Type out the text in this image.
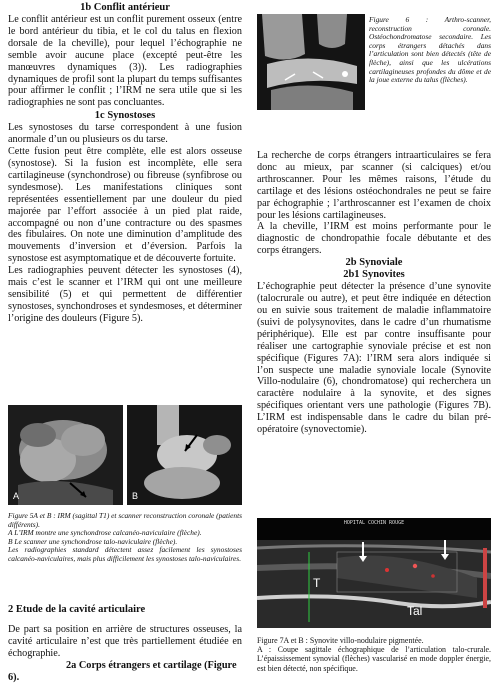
1b Conflit antérieur

Le conflit antérieur est un conflit purement osseux (entre le bord antérieur du tibia, et le col du talus en flexion dorsale de la cheville), pour lequel l’échographie ne semble avoir aucune place (excepté peut-être les manœuvres dynamiques (3)). Les radiographies dynamiques de profil sont la plupart du temps suffisantes pour affirmer le conflit ; l’IRM ne sera utile que si les radiographies ne sont pas concluantes.

1c Synostoses

Les synostoses du tarse correspondent à une fusion anormale d’un ou plusieurs os du tarse.

Cette fusion peut être complète, elle est alors osseuse (synostose). Si la fusion est incomplète, elle sera cartilagineuse (synchondrose) ou fibreuse (synfibrose ou syndesmose). Les manifestations cliniques sont représentées essentiellement par une douleur du pied majorée par l’effort associée à un pied plat raide, accompagné ou non d’une contracture ou des spasmes des fibulaires. On note une diminution d’amplitude des mouvements d’inversion et d’éversion. Parfois la synostose est asymptomatique et de découverte fortuite.

Les radiographies peuvent détecter les synostoses (4), mais c’est le scanner et l’IRM qui ont une meilleure sensibilité (5) et qui permettent de différentier synostoses, synchondroses et syndesmoses, et déterminer l’origine des douleurs (Figure 5).

A	B

Figure 5A et B : IRM (sagittal T1) et scanner reconstruction coronale (patients différents).

A L’IRM montre une synchondrose calcanéo-naviculaire (flèche).

B Le scanner une synchondrose talo-naviculaire (flèche).

Les radiographies standard détectent assez facilement les synostoses calcanéo-naviculaires, mais plus difficilement les synostoses talo-naviculaires.

2 Etude de la cavité articulaire

De part sa position en arrière de structures osseuses, la cavité articulaire n’est que très partiellement étudiée en échographie.

2a Corps étrangers et cartilage (Figure 6).

Figure 6 : Arthro-scanner, reconstruction coronale. Ostéochondromatose secondaire. Les corps étrangers détachés dans l’articulation sont bien détectés (tête de flèche), ainsi que les ulcérations cartilagineuses profondes du dôme et de la joue externe du talus (flèches).

La recherche de corps étrangers intraarticulaires se fera donc au mieux, par scanner (si calciques) et/ou arthroscanner. Pour les mêmes raisons, l’étude du cartilage et des lésions ostéochondrales ne peut se faire par échographie ; l’arthroscanner est l’examen de choix pour les lésions cartilagineuses.

A la cheville, l’IRM est moins performante pour le diagnostic de chondropathie focale débutante et des corps étrangers.

2b Synoviale

2b1 Synovites

L’échographie peut détecter la présence d’une synovite (talocrurale ou autre), et peut être indiquée en détection ou en suivie sous traitement de maladie inflammatoire (suivi de polysynovites, dans le cadre d’un rhumatisme périphérique). Elle est par contre insuffisante pour réaliser une cartographie synoviale précise et est non spécifique (Figures 7A): l’IRM sera alors indiquée si l’on suspecte une maladie synoviale locale (Synovite Villo-nodulaire (6), chondromatose) qui recherchera un caractère nodulaire à la synovite, et des signes spécifiques orientant vers une pathologie (Figures 7B). L’IRM est indispensable dans le cadre du bilan pré-opératoire (synovectomie).

HOPITAL COCHIN ROUGE
T
Tal

Figure 7A et B : Synovite villo-nodulaire pigmentée.

A : Coupe sagittale échographique de l’articulation talo-crurale. L’épaississement synovial (flèches) vascularisé en mode doppler énergie, est bien détecté, non spécifique.
